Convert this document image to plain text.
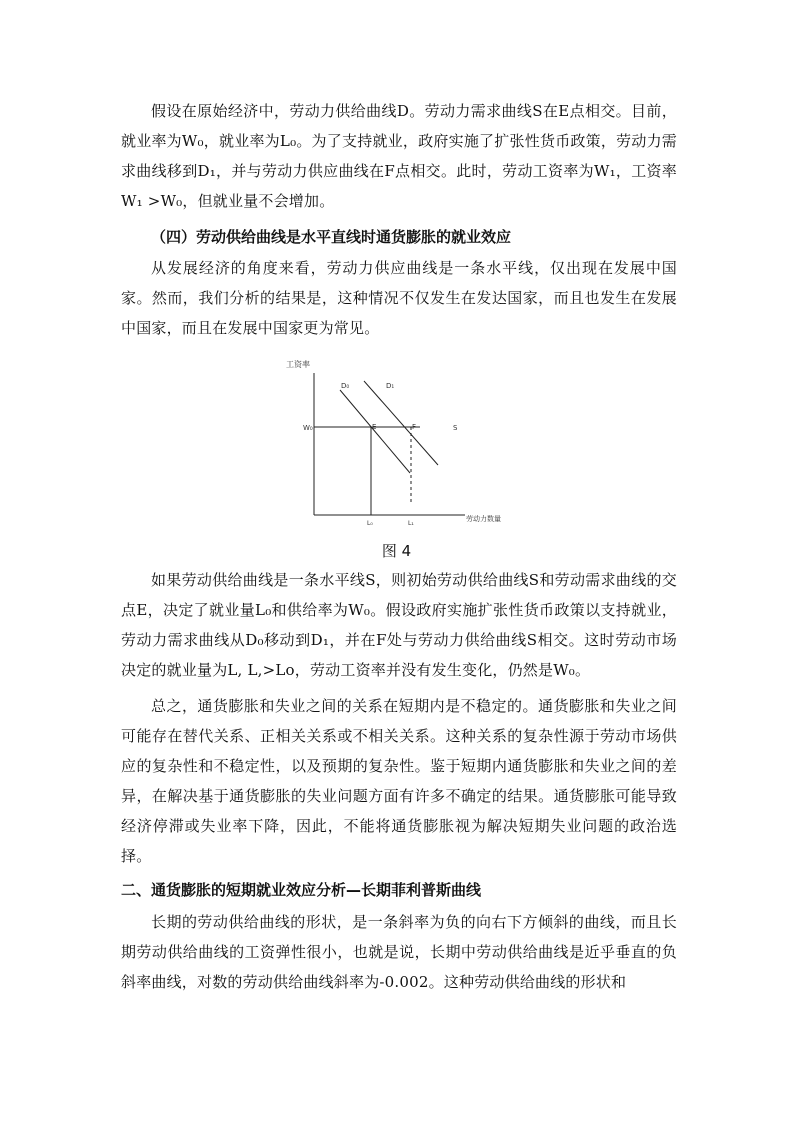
假设在原始经济中，劳动力供给曲线D。劳动力需求曲线S在E点相交。目前，就业率为W₀，就业率为L₀。为了支持就业，政府实施了扩张性货币政策，劳动力需求曲线移到D₁，并与劳动力供应曲线在F点相交。此时，劳动工资率为W₁，工资率W₁ >W₀，但就业量不会增加。

（四）劳动供给曲线是水平直线时通货膨胀的就业效应

从发展经济的角度来看，劳动力供应曲线是一条水平线，仅出现在发展中国家。然而，我们分析的结果是，这种情况不仅发生在发达国家，而且也发生在发展中国家，而且在发展中国家更为常见。

工资率
D₀	D₁
W₀	E	F	S
L₀	L₁
劳动力数量
图 4

如果劳动供给曲线是一条水平线S，则初始劳动供给曲线S和劳动需求曲线的交点E，决定了就业量L₀和供给率为W₀。假设政府实施扩张性货币政策以支持就业，劳动力需求曲线从D₀移动到D₁，并在F处与劳动力供给曲线S相交。这时劳动市场决定的就业量为L, L,>Lo，劳动工资率并没有发生变化，仍然是W₀。

总之，通货膨胀和失业之间的关系在短期内是不稳定的。通货膨胀和失业之间可能存在替代关系、正相关关系或不相关关系。这种关系的复杂性源于劳动市场供应的复杂性和不稳定性，以及预期的复杂性。鉴于短期内通货膨胀和失业之间的差异，在解决基于通货膨胀的失业问题方面有许多不确定的结果。通货膨胀可能导致经济停滞或失业率下降，因此，不能将通货膨胀视为解决短期失业问题的政治选择。

二、通货膨胀的短期就业效应分析—长期菲利普斯曲线

长期的劳动供给曲线的形状，是一条斜率为负的向右下方倾斜的曲线，而且长期劳动供给曲线的工资弹性很小，也就是说，长期中劳动供给曲线是近乎垂直的负斜率曲线，对数的劳动供给曲线斜率为-0.002。这种劳动供给曲线的形状和
